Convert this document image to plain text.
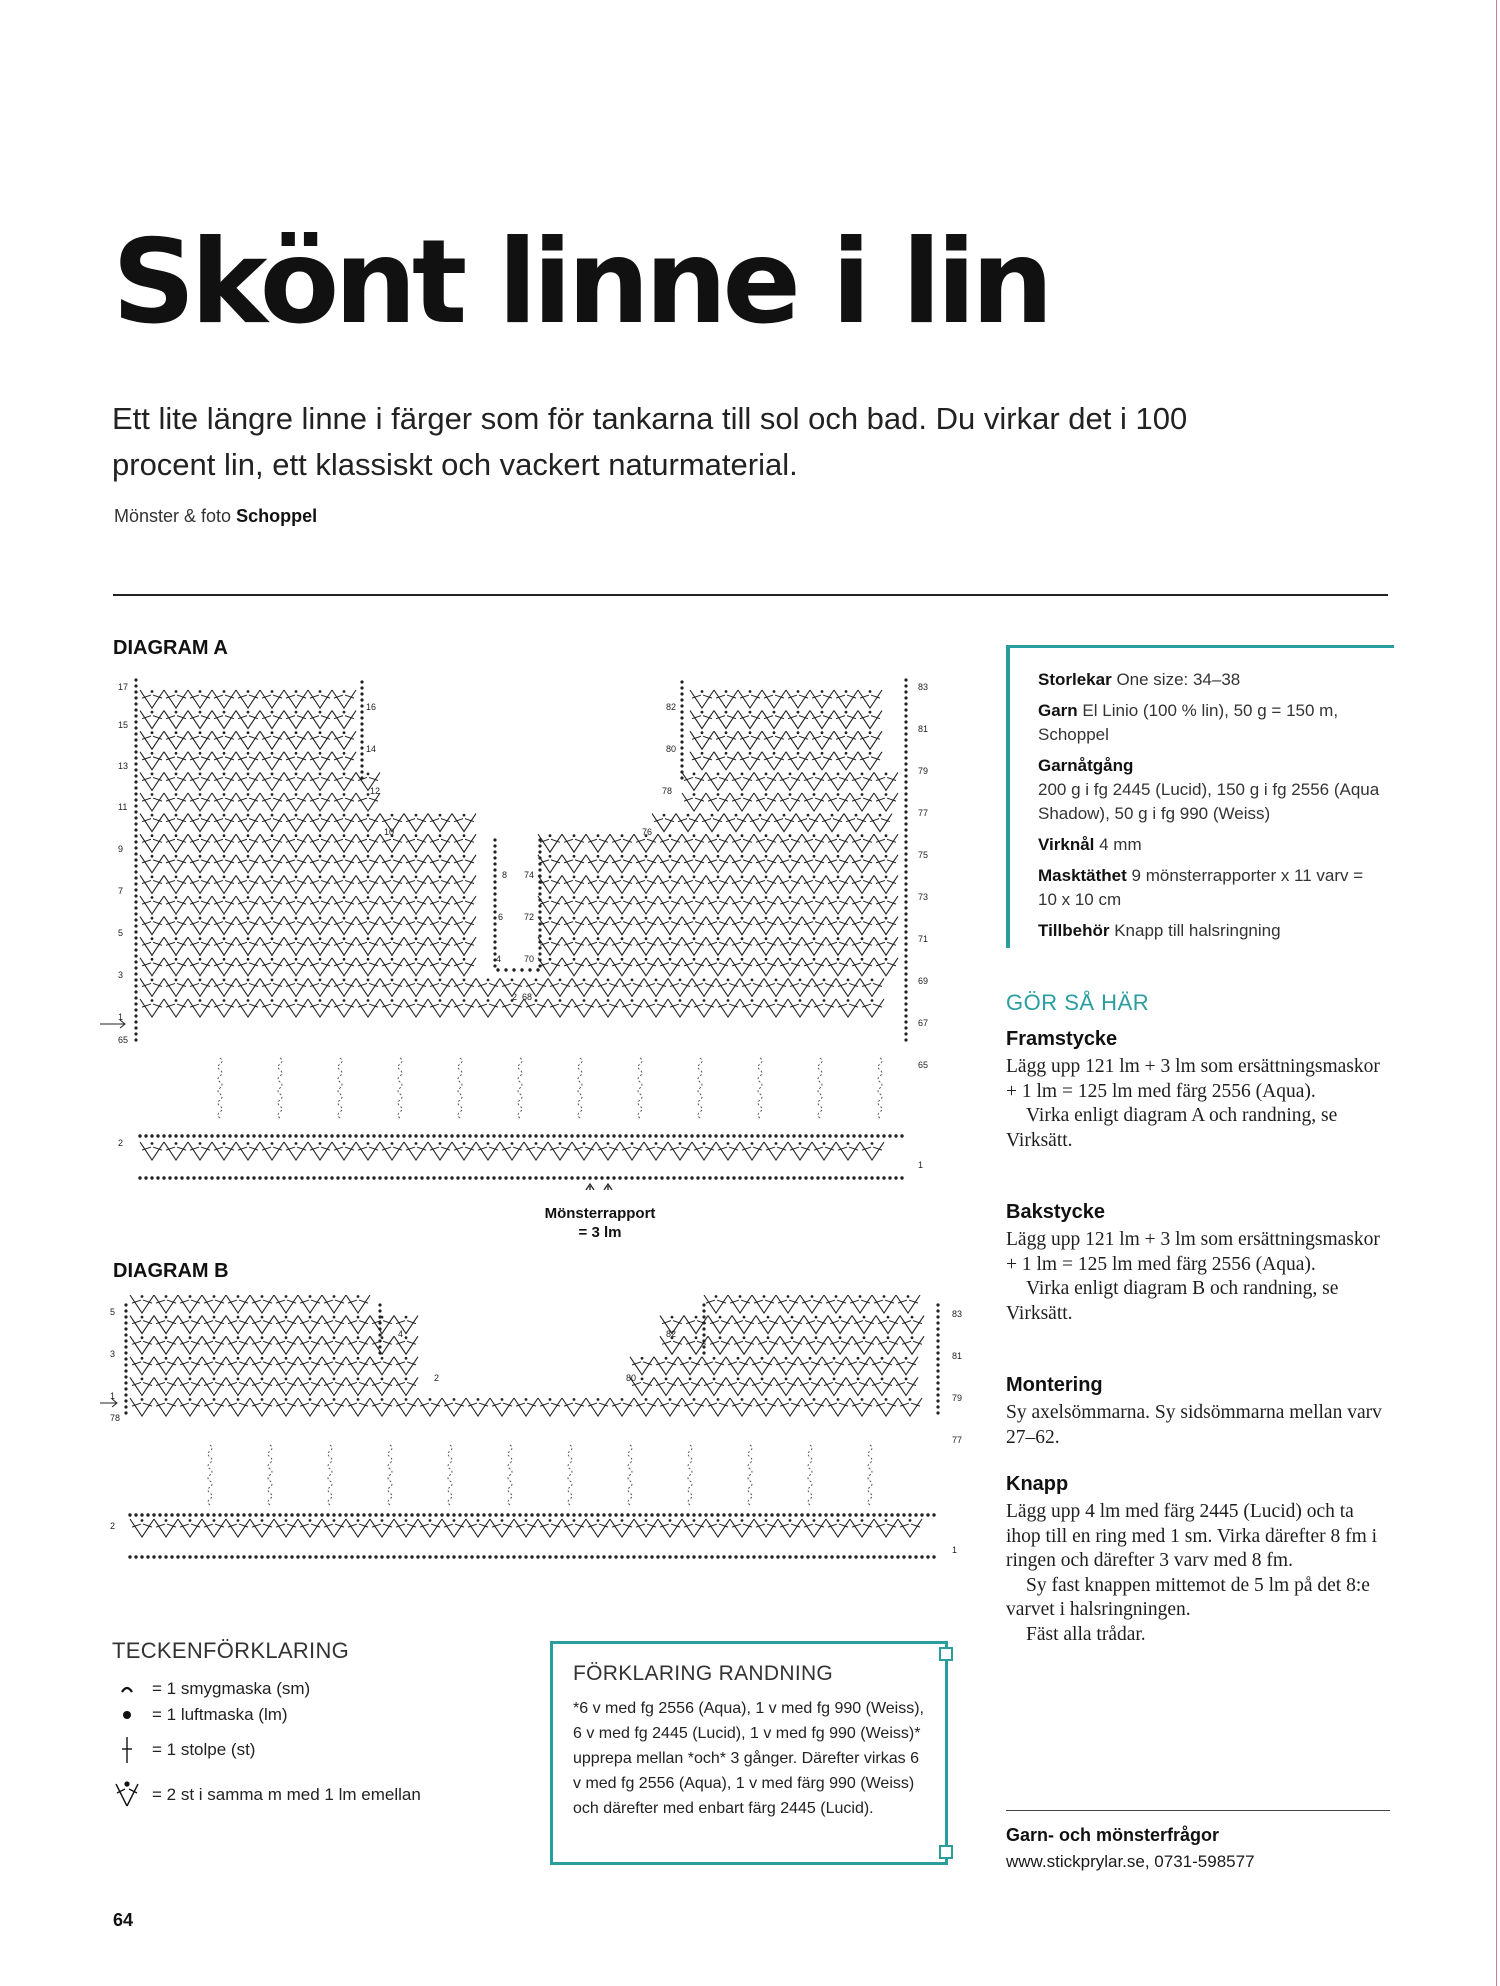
Skönt linne i lin

Ett lite längre linne i färger som för tankarna till sol och bad. Du virkar det i 100 procent lin, ett klassiskt och vackert naturmaterial.

Mönster & foto Schoppel
DIAGRAM A
17
15
13
11
9
7
5
3
1
65
2
16
14
12
10
8
6
4
2 68
82
80
78
76
74
72
70
83
81
79
77
75
73
71
69
67
65
1
Mönsterrapport
= 3 lm
DIAGRAM B
5
3
1
78
2
4
2
82
80
83
81
79
77
1
Storlekar One size: 34–38
Garn El Linio (100 % lin), 50 g = 150 m, Schoppel
Garnåtgång
200 g i fg 2445 (Lucid), 150 g i fg 2556 (Aqua Shadow), 50 g i fg 990 (Weiss)
Virknål 4 mm
Masktäthet 9 mönsterrapporter x 11 varv = 10 x 10 cm
Tillbehör Knapp till halsringning
GÖR SÅ HÄR
Framstycke

Lägg upp 121 lm + 3 lm som ersättningsmaskor + 1 lm = 125 lm med färg 2556 (Aqua).
Virka enligt diagram A och randning, se Virksätt.

Bakstycke

Lägg upp 121 lm + 3 lm som ersättningsmaskor + 1 lm = 125 lm med färg 2556 (Aqua).
Virka enligt diagram B och randning, se Virksätt.

Montering

Sy axelsömmarna. Sy sidsömmarna mellan varv 27–62.

Knapp

Lägg upp 4 lm med färg 2445 (Lucid) och ta ihop till en ring med 1 sm. Virka därefter 8 fm i ringen och därefter 3 varv med 8 fm.
Sy fast knappen mittemot de 5 lm på det 8:e varvet i halsringningen.
Fäst alla trådar.

Garn- och mönsterfrågor
www.stickprylar.se, 0731-598577
TECKENFÖRKLARING
= 1 smygmaska (sm)
= 1 luftmaska (lm)
= 1 stolpe (st)
= 2 st i samma m med 1 lm emellan
FÖRKLARING RANDNING

*6 v med fg 2556 (Aqua), 1 v med fg 990 (Weiss), 6 v med fg 2445 (Lucid), 1 v med fg 990 (Weiss)* upprepa mellan *och* 3 gånger. Därefter virkas 6 v med fg 2556 (Aqua), 1 v med färg 990 (Weiss) och därefter med enbart färg 2445 (Lucid).

64
